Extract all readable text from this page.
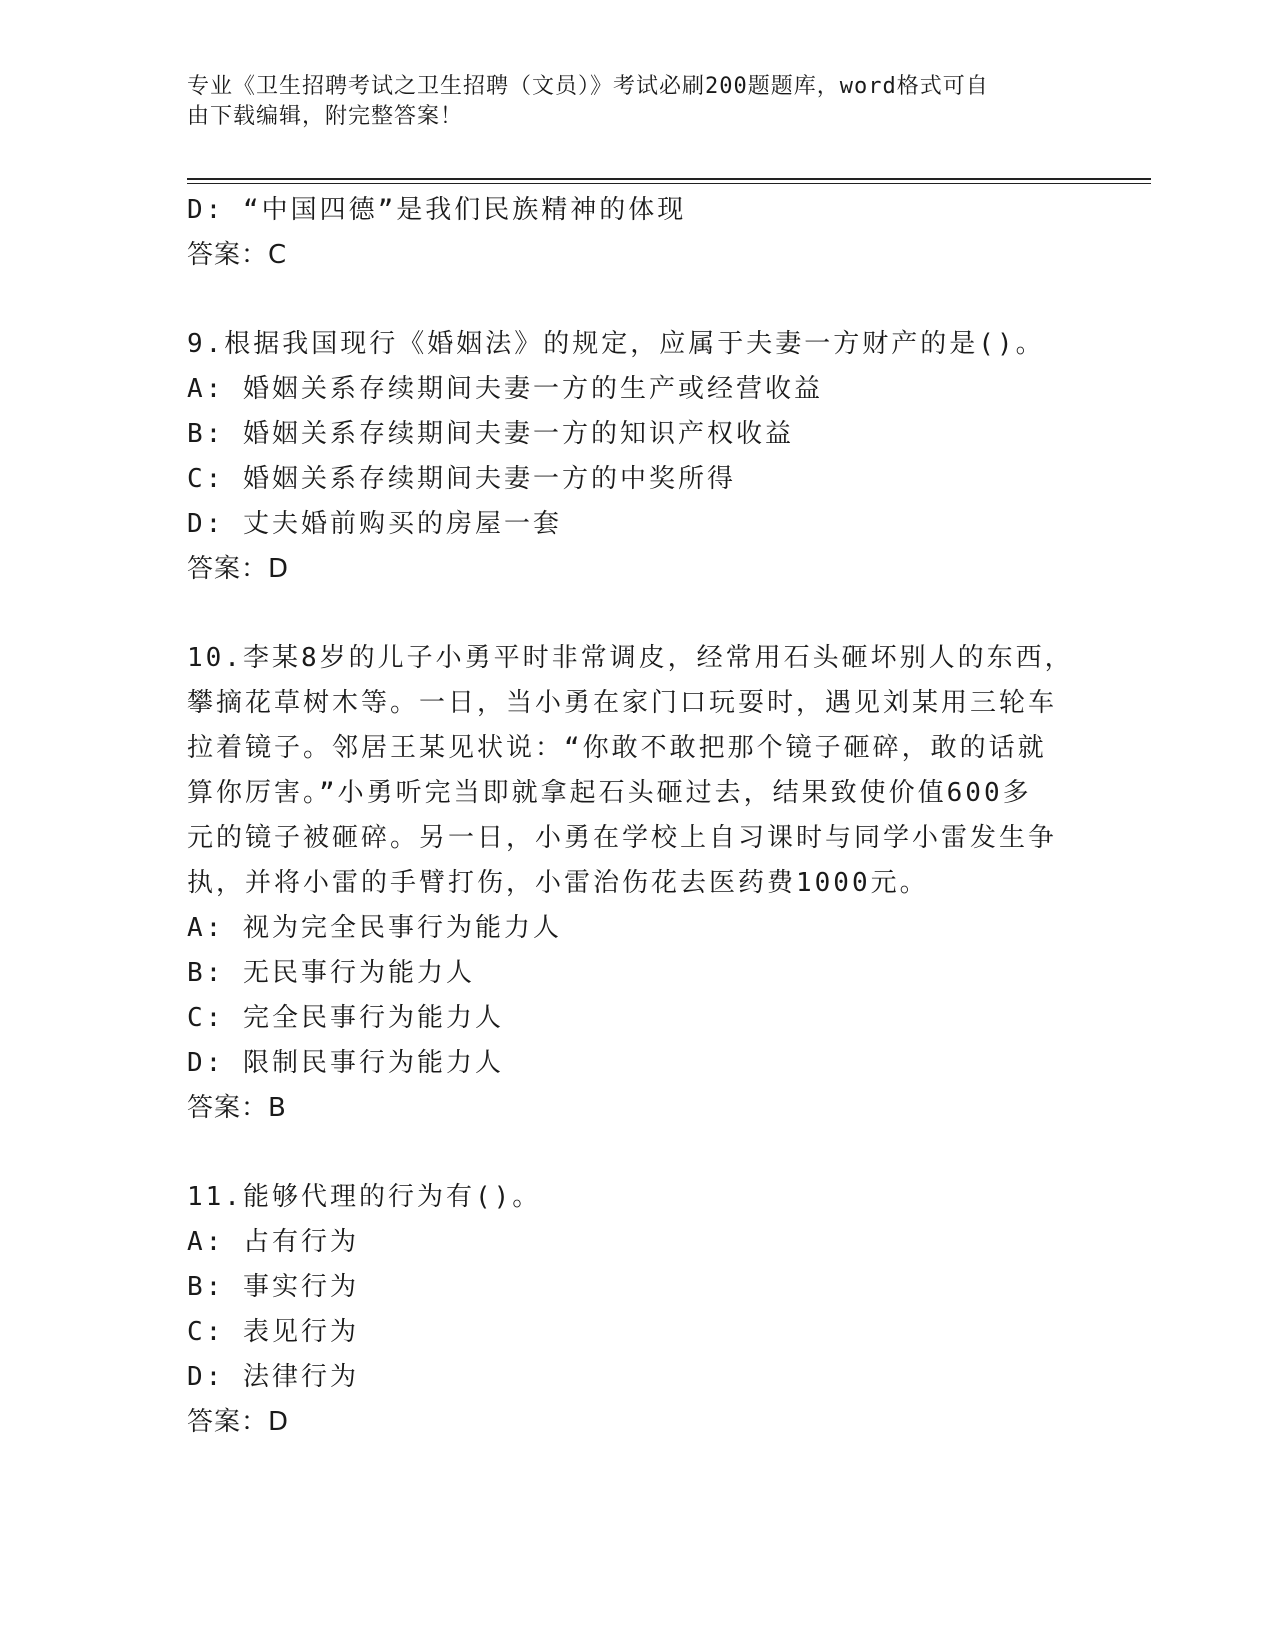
专业《卫生招聘考试之卫生招聘（文员）》考试必刷200题题库，word格式可自
由下载编辑，附完整答案！
D: “中国四德”是我们民族精神的体现
答案：C
9.根据我国现行《婚姻法》的规定，应属于夫妻一方财产的是()。
A: 婚姻关系存续期间夫妻一方的生产或经营收益
B: 婚姻关系存续期间夫妻一方的知识产权收益
C: 婚姻关系存续期间夫妻一方的中奖所得
D: 丈夫婚前购买的房屋一套
答案：D
10.李某8岁的儿子小勇平时非常调皮，经常用石头砸坏别人的东西，
攀摘花草树木等。一日，当小勇在家门口玩耍时，遇见刘某用三轮车
拉着镜子。邻居王某见状说：“你敢不敢把那个镜子砸碎，敢的话就
算你厉害。”小勇听完当即就拿起石头砸过去，结果致使价值600多
元的镜子被砸碎。另一日，小勇在学校上自习课时与同学小雷发生争
执，并将小雷的手臂打伤，小雷治伤花去医药费1000元。
A: 视为完全民事行为能力人
B: 无民事行为能力人
C: 完全民事行为能力人
D: 限制民事行为能力人
答案：B
11.能够代理的行为有()。
A: 占有行为
B: 事实行为
C: 表见行为
D: 法律行为
答案：D
